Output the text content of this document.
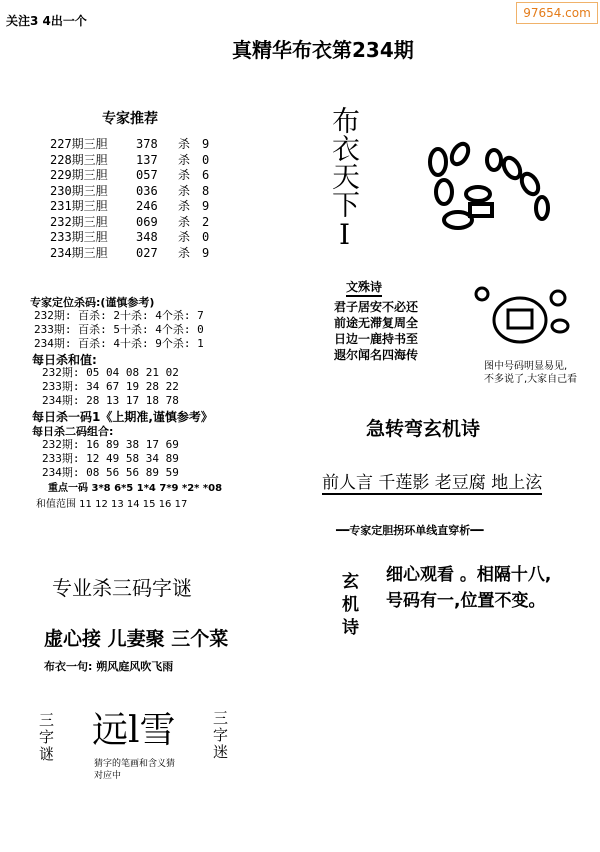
关注3 4出一个
97654.com
真精华布衣第234期
专家推荐
227期三胆 378 杀 9
228期三胆 137 杀 0
229期三胆 057 杀 6
230期三胆 036 杀 8
231期三胆 246 杀 9
232期三胆 069 杀 2
233期三胆 348 杀 0
234期三胆 027 杀 9
专家定位杀码:(谨慎参考)
232期: 百杀: 2十杀: 4个杀: 7
233期: 百杀: 5十杀: 4个杀: 0
234期: 百杀: 4十杀: 9个杀: 1
每日杀和值:
232期: 05 04 08 21 02
233期: 34 67 19 28 22
234期: 28 13 17 18 78
每日杀一码1《上期准,谨慎参考》
每日杀二码组合:
232期: 16 89 38 17 69
233期: 12 49 58 34 89
234期: 08 56 56 89 59
重点一码 3*8 6*5 1*4 7*9 *2* *08
和值范围 11 12 13 14 15 16 17
专业杀三码字谜
虚心接 儿妻聚 三个菜
布衣一句: 朔风庭风吹飞雨
三字谜 远l雪 三字迷
猜字的笔画和含义猜
对应中
布衣天下Ⅰ
文殊诗
君子居安不必还
前途无滞复周全
日边一鹿持书至
遐尔闻名四海传
图中号码明显易见,
不多说了,大家自己看
急转弯玄机诗
前人言 千莲影 老豆腐 地上泫
━━专家定胆拐环单线直穿析━━
玄机诗 细心观看 。相隔十八,
号码有一,位置不变。
